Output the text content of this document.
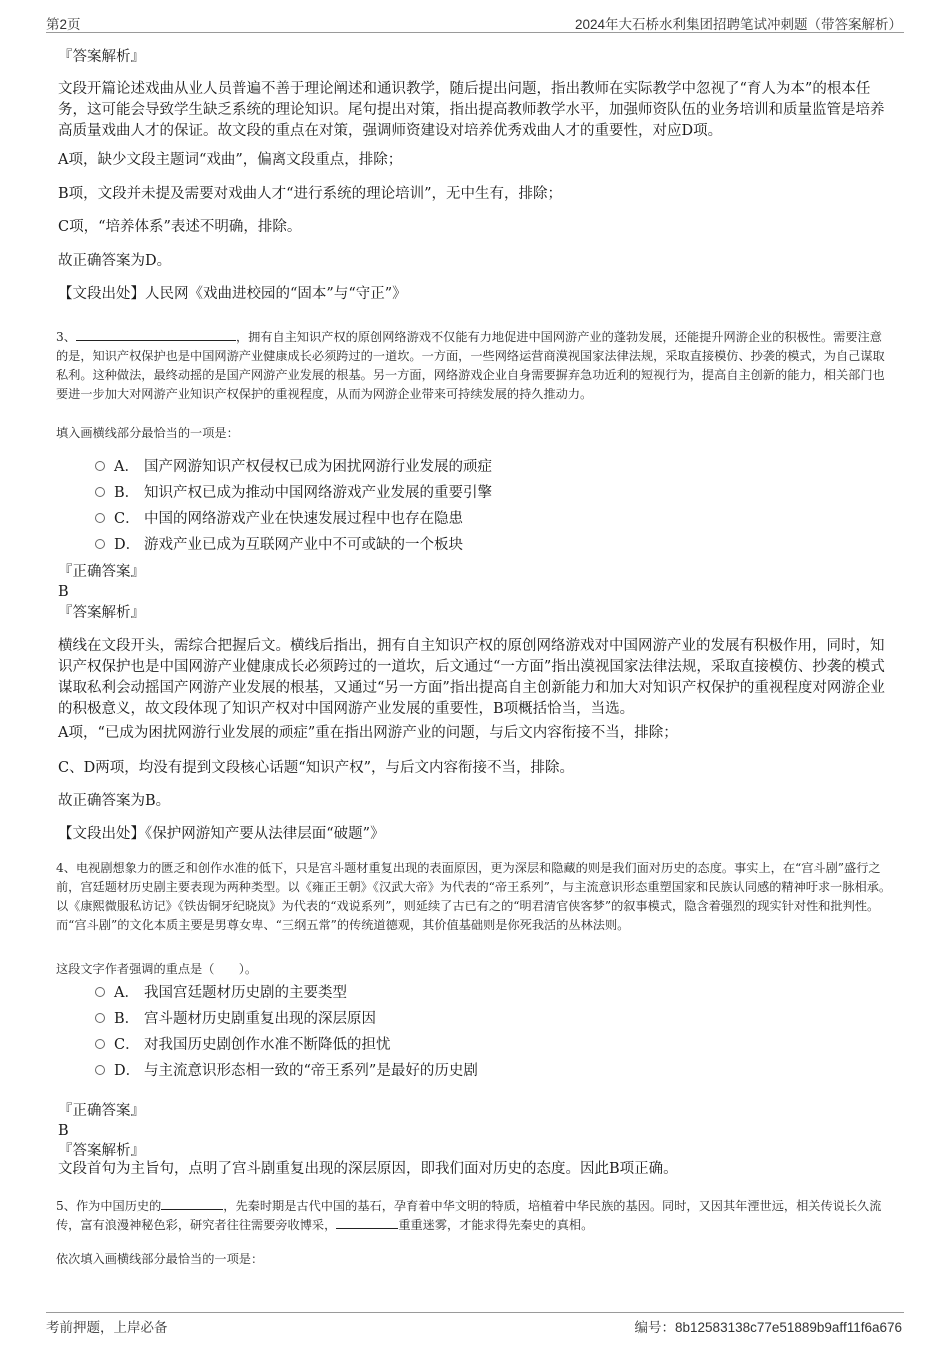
第2页	2024年大石桥水利集团招聘笔试冲刺题（带答案解析）

『答案解析』

文段开篇论述戏曲从业人员普遍不善于理论阐述和通识教学，随后提出问题，指出教师在实际教学中忽视了“育人为本”的根本任务，这可能会导致学生缺乏系统的理论知识。尾句提出对策，指出提高教师教学水平，加强师资队伍的业务培训和质量监管是培养高质量戏曲人才的保证。故文段的重点在对策，强调师资建设对培养优秀戏曲人才的重要性，对应D项。

A项，缺少文段主题词“戏曲”，偏离文段重点，排除；

B项，文段并未提及需要对戏曲人才“进行系统的理论培训”，无中生有，排除；

C项，“培养体系”表述不明确，排除。

故正确答案为D。

【文段出处】人民网《戏曲进校园的“固本”与“守正”》

3、	，拥有自主知识产权的原创网络游戏不仅能有力地促进中国网游产业的蓬勃发展，还能提升网游企业的积极性。需要注意的是，知识产权保护也是中国网游产业健康成长必须跨过的一道坎。一方面，一些网络运营商漠视国家法律法规，采取直接模仿、抄袭的模式，为自己谋取私利。这种做法，最终动摇的是国产网游产业发展的根基。另一方面，网络游戏企业自身需要摒弃急功近利的短视行为，提高自主创新的能力，相关部门也要进一步加大对网游产业知识产权保护的重视程度，从而为网游企业带来可持续发展的持久推动力。

填入画横线部分最恰当的一项是：

A． 国产网游知识产权侵权已成为困扰网游行业发展的顽症
B． 知识产权已成为推动中国网络游戏产业发展的重要引擎
C． 中国的网络游戏产业在快速发展过程中也存在隐患
D． 游戏产业已成为互联网产业中不可或缺的一个板块

『正确答案』

B

『答案解析』

横线在文段开头，需综合把握后文。横线后指出，拥有自主知识产权的原创网络游戏对中国网游产业的发展有积极作用，同时，知识产权保护也是中国网游产业健康成长必须跨过的一道坎，后文通过“一方面”指出漠视国家法律法规，采取直接模仿、抄袭的模式谋取私利会动摇国产网游产业发展的根基，又通过“另一方面”指出提高自主创新能力和加大对知识产权保护的重视程度对网游企业的积极意义，故文段体现了知识产权对中国网游产业发展的重要性，B项概括恰当，当选。

A项，“已成为困扰网游行业发展的顽症”重在指出网游产业的问题，与后文内容衔接不当，排除；

C、D两项，均没有提到文段核心话题“知识产权”，与后文内容衔接不当，排除。

故正确答案为B。

【文段出处】《保护网游知产要从法律层面“破题”》

4、电视剧想象力的匮乏和创作水准的低下，只是宫斗题材重复出现的表面原因，更为深层和隐藏的则是我们面对历史的态度。事实上，在“宫斗剧”盛行之前，宫廷题材历史剧主要表现为两种类型。以《雍正王朝》《汉武大帝》为代表的“帝王系列”，与主流意识形态重塑国家和民族认同感的精神吁求一脉相承。以《康熙微服私访记》《铁齿铜牙纪晓岚》为代表的“戏说系列”，则延续了古已有之的“明君清官侠客梦”的叙事模式，隐含着强烈的现实针对性和批判性。而“宫斗剧”的文化本质主要是男尊女卑、“三纲五常”的传统道德观，其价值基础则是你死我活的丛林法则。

这段文字作者强调的重点是（　　）。

A． 我国宫廷题材历史剧的主要类型
B． 宫斗题材历史剧重复出现的深层原因
C． 对我国历史剧创作水准不断降低的担忧
D． 与主流意识形态相一致的“帝王系列”是最好的历史剧

『正确答案』

B

『答案解析』

文段首句为主旨句，点明了宫斗剧重复出现的深层原因，即我们面对历史的态度。因此B项正确。

5、作为中国历史的	，先秦时期是古代中国的基石，孕育着中华文明的特质，培植着中华民族的基因。同时，又因其年湮世远，相关传说长久流传，富有浪漫神秘色彩，研究者往往需要旁收博采，	重重迷雾，才能求得先秦史的真相。

依次填入画横线部分最恰当的一项是：

考前押题，上岸必备	编号：8b12583138c77e51889b9aff11f6a676
